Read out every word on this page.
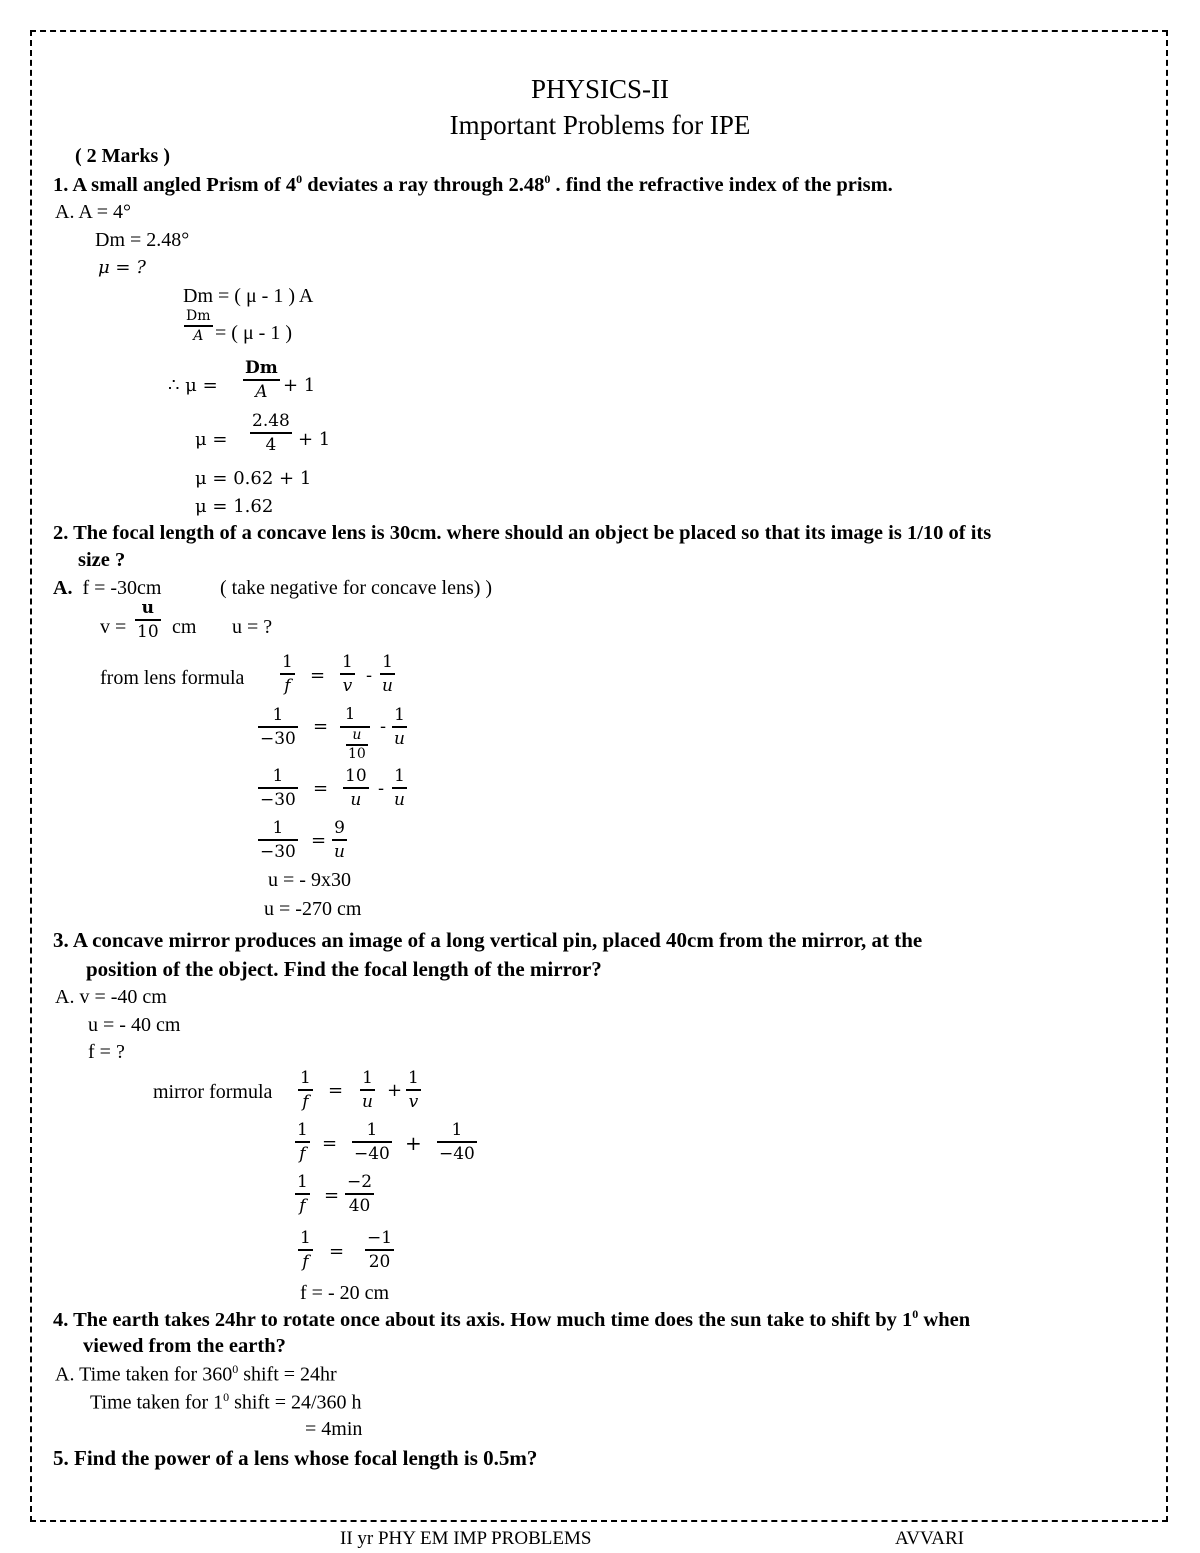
PHYSICS-II
Important Problems for IPE
( 2 Marks )
1. A small angled Prism of $4^0$ deviates a ray through 2.48$^0$ . find the refractive index of the prism.
A. A = 4°
Dm = 2.48°
μ = ?
Dm = ( μ - 1 ) A
Dm
A = ( μ - 1 )
∴ μ =
Dm
A + 1
μ =
2.48
4 + 1
μ = 0.62 + 1
μ = 1.62
2. The focal length of a concave lens is 30cm. where should an object be placed so that its image is 1/10 of its
size ?
A. f = -30cm	( take negative for concave lens) )
v =
u
10 cm u = ?
from lens formula
1
f =
1
v -
1
u
1
−30
=
1
u
10
-
1
u
1
−30
=
10
u
-
1
u
1
−30
=
9
u
u = - 9x30
u = -270 cm
3. A concave mirror produces an image of a long vertical pin, placed 40cm from the mirror, at the
position of the object. Find the focal length of the mirror?
A. v = -40 cm
u = - 40 cm
f = ?
mirror formula
1
f
=
1
u
+
1
v
1
f =
1
−40 +
1
−40
1
f =
−2
40
1
f =
−1
20
f = - 20 cm
4. The earth takes 24hr to rotate once about its axis. How much time does the sun take to shift by $1^0$ when
viewed from the earth?
A. Time taken for $360^0$ shift = 24hr
Time taken for $1^0$ shift = 24/360 h
= 4min
5. Find the power of a lens whose focal length is 0.5m?
II yr PHY EM IMP PROBLEMS	AVVARI
